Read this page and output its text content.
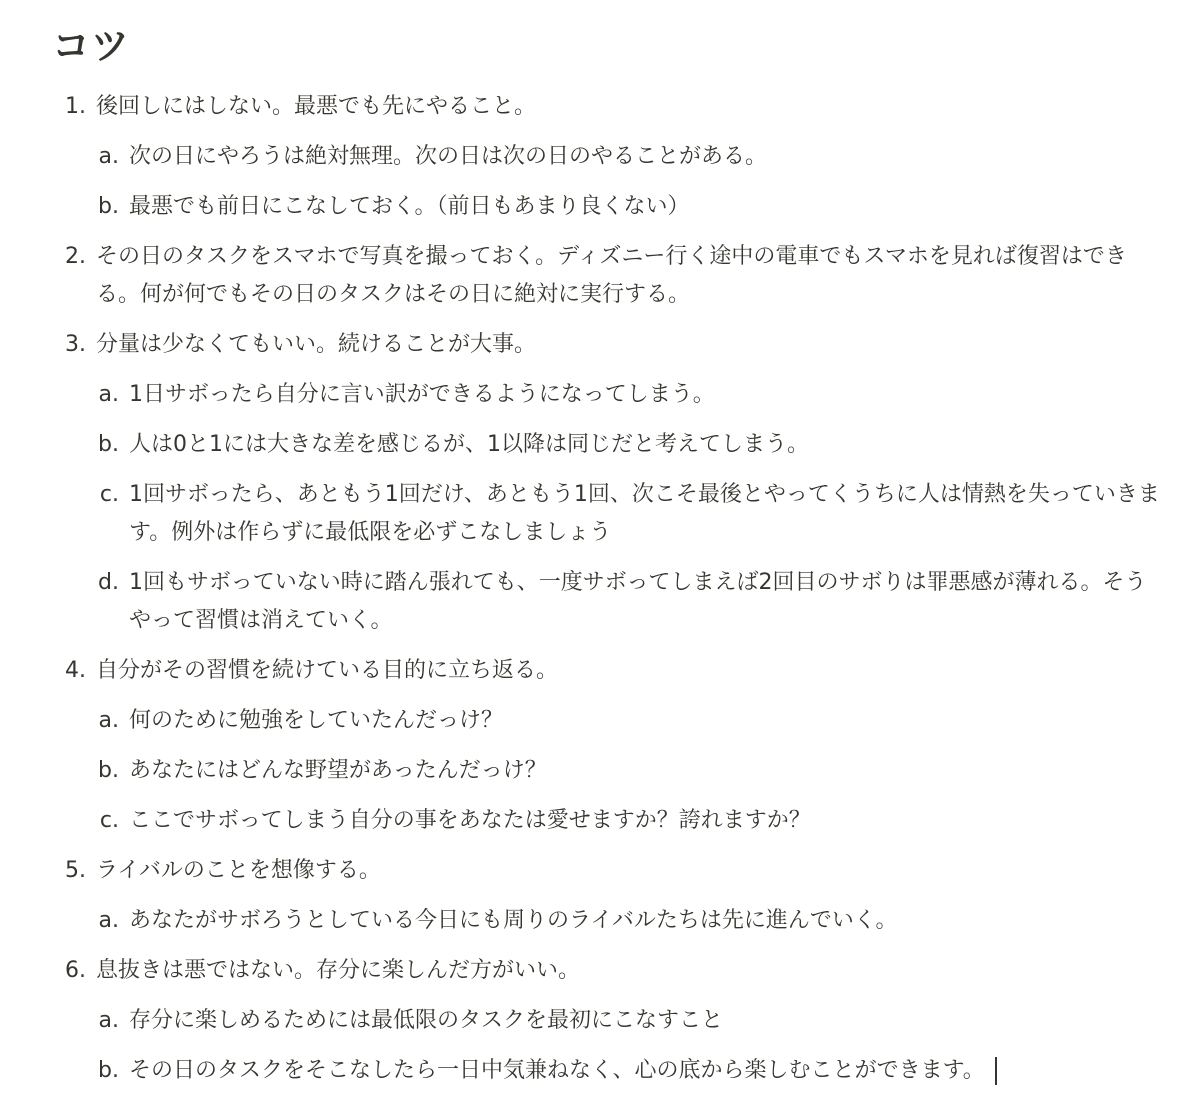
コツ
1. 後回しにはしない。最悪でも先にやること。
a. 次の日にやろうは絶対無理。次の日は次の日のやることがある。
b. 最悪でも前日にこなしておく。（前日もあまり良くない）
2. その日のタスクをスマホで写真を撮っておく。ディズニー行く途中の電車でもスマホを見れば復習はできる。何が何でもその日のタスクはその日に絶対に実行する。
3. 分量は少なくてもいい。続けることが大事。
a. 1日サボったら自分に言い訳ができるようになってしまう。
b. 人は0と1には大きな差を感じるが、1以降は同じだと考えてしまう。
c. 1回サボったら、あともう1回だけ、あともう1回、次こそ最後とやってくうちに人は情熱を失っていきます。例外は作らずに最低限を必ずこなしましょう
d. 1回もサボっていない時に踏ん張れても、一度サボってしまえば2回目のサボりは罪悪感が薄れる。そうやって習慣は消えていく。
4. 自分がその習慣を続けている目的に立ち返る。
a. 何のために勉強をしていたんだっけ？
b. あなたにはどんな野望があったんだっけ？
c. ここでサボってしまう自分の事をあなたは愛せますか？誇れますか？
5. ライバルのことを想像する。
a. あなたがサボろうとしている今日にも周りのライバルたちは先に進んでいく。
6. 息抜きは悪ではない。存分に楽しんだ方がいい。
a. 存分に楽しめるためには最低限のタスクを最初にこなすこと
b. その日のタスクをそこなしたら一日中気兼ねなく、心の底から楽しむことができます。
